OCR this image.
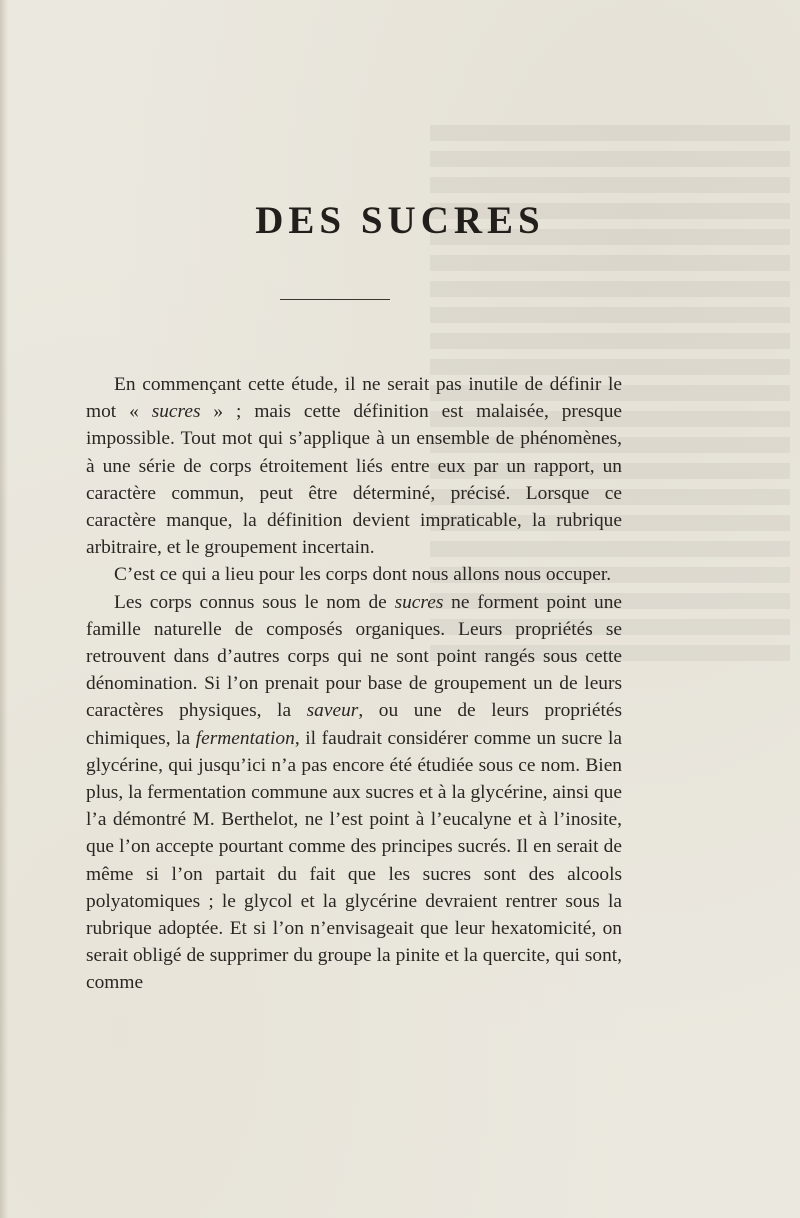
DES SUCRES

En commençant cette étude, il ne serait pas inutile de définir le mot « sucres » ; mais cette définition est malaisée, presque impossible. Tout mot qui s’applique à un ensemble de phénomènes, à une série de corps étroitement liés entre eux par un rapport, un caractère commun, peut être déterminé, précisé. Lorsque ce caractère manque, la définition devient impraticable, la rubrique arbitraire, et le groupement incertain.

C’est ce qui a lieu pour les corps dont nous allons nous occuper.

Les corps connus sous le nom de sucres ne forment point une famille naturelle de composés organiques. Leurs propriétés se retrouvent dans d’autres corps qui ne sont point rangés sous cette dénomination. Si l’on prenait pour base de groupement un de leurs caractères physiques, la saveur, ou une de leurs propriétés chimiques, la fermentation, il faudrait considérer comme un sucre la glycérine, qui jusqu’ici n’a pas encore été étudiée sous ce nom. Bien plus, la fermentation commune aux sucres et à la glycérine, ainsi que l’a démontré M. Berthelot, ne l’est point à l’eucalyne et à l’inosite, que l’on accepte pourtant comme des principes sucrés. Il en serait de même si l’on partait du fait que les sucres sont des alcools polyatomiques ; le glycol et la glycérine devraient rentrer sous la rubrique adoptée. Et si l’on n’envisageait que leur hexatomicité, on serait obligé de supprimer du groupe la pinite et la quercite, qui sont, comme
